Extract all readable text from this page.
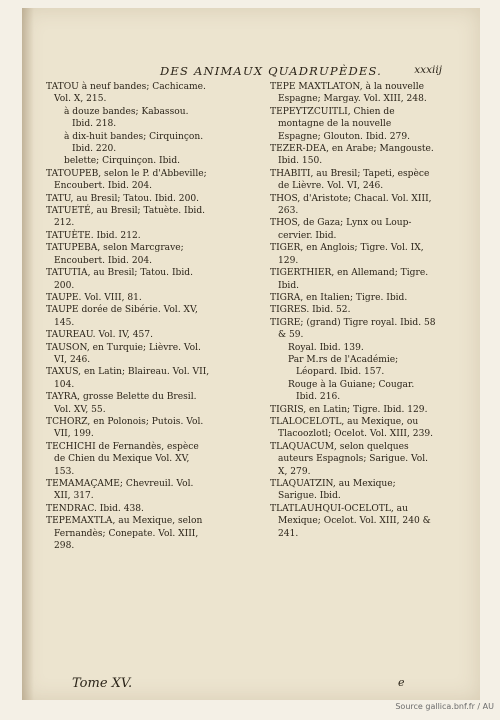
DES ANIMAUX QUADRUPÈDES.	xxxiij
TATOU à neuf bandes; Cachicame. Vol. X, 215.
à douze bandes; Kabassou. Ibid. 218.
à dix-huit bandes; Cirquinçon. Ibid. 220.
belette; Cirquinçon. Ibid.
TATOUPEB, selon le P. d'Abbeville; Encoubert. Ibid. 204.
TATU, au Bresil; Tatou. Ibid. 200.
TATUETÉ, au Bresil; Tatuète. Ibid. 212.
TATUÈTE. Ibid. 212.
TATUPEBA, selon Marcgrave; Encoubert. Ibid. 204.
TATUTIA, au Bresil; Tatou. Ibid. 200.
TAUPE. Vol. VIII, 81.
TAUPE dorée de Sibérie. Vol. XV, 145.
TAUREAU. Vol. IV, 457.
TAUSON, en Turquie; Lièvre. Vol. VI, 246.
TAXUS, en Latin; Blaireau. Vol. VII, 104.
TAYRA, grosse Belette du Bresil. Vol. XV, 55.
TCHORZ, en Polonois; Putois. Vol. VII, 199.
TECHICHI de Fernandès, espèce de Chien du Mexique Vol. XV, 153.
TEMAMAÇAME; Chevreuil. Vol. XII, 317.
TENDRAC. Ibid. 438.
TEPEMAXTLA, au Mexique, selon Fernandès; Conepate. Vol. XIII, 298.
TEPE MAXTLATON, à la nouvelle Espagne; Margay. Vol. XIII, 248.
TEPEYTZCUITLI, Chien de montagne de la nouvelle Espagne; Glouton. Ibid. 279.
TEZER-DEA, en Arabe; Mangouste. Ibid. 150.
THABITI, au Bresil; Tapeti, espèce de Lièvre. Vol. VI, 246.
THOS, d'Aristote; Chacal. Vol. XIII, 263.
THOS, de Gaza; Lynx ou Loup-cervier. Ibid.
TIGER, en Anglois; Tigre. Vol. IX, 129.
TIGERTHIER, en Allemand; Tigre. Ibid.
TIGRA, en Italien; Tigre. Ibid.
TIGRES. Ibid. 52.
TIGRE; (grand) Tigre royal. Ibid. 58 & 59.
Royal. Ibid. 139.
Par M.rs de l'Académie; Léopard. Ibid. 157.
Rouge à la Guiane; Cougar. Ibid. 216.
TIGRIS, en Latin; Tigre. Ibid. 129.
TLALOCELOTL, au Mexique, ou Tlacoozlotl; Ocelot. Vol. XIII, 239.
TLAQUACUM, selon quelques auteurs Espagnols; Sarigue. Vol. X, 279.
TLAQUATZIN, au Mexique; Sarigue. Ibid.
TLATLAUHQUI-OCELOTL, au Mexique; Ocelot. Vol. XIII, 240 & 241.
Tome XV.	e
Source gallica.bnf.fr / AU
